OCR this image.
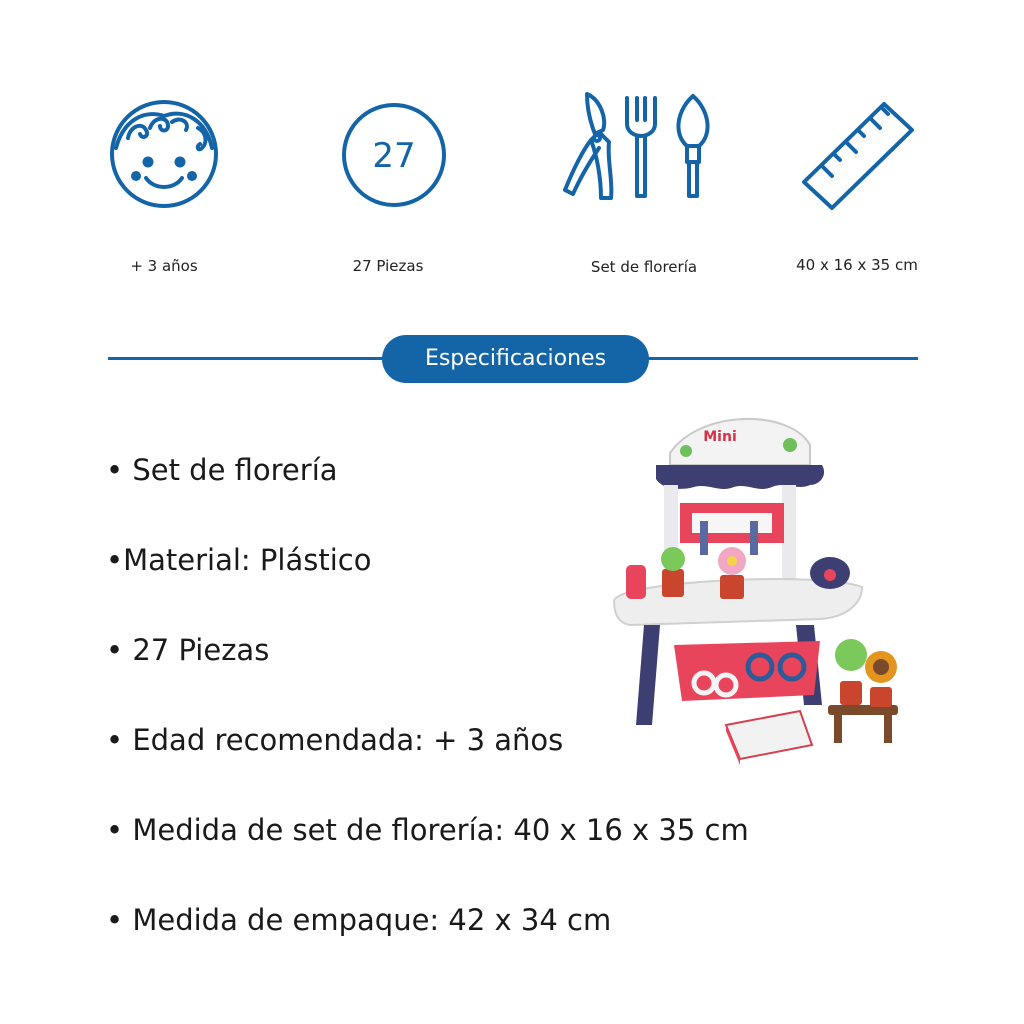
27
+ 3 años	27 Piezas	Set de florería	40 x 16 x 35 cm
Especificaciones
• Set de florería
•Material: Plástico
• 27 Piezas
• Edad recomendada: + 3 años
• Medida de set de florería: 40 x 16 x 35 cm
• Medida de empaque: 42 x 34 cm
Mini
